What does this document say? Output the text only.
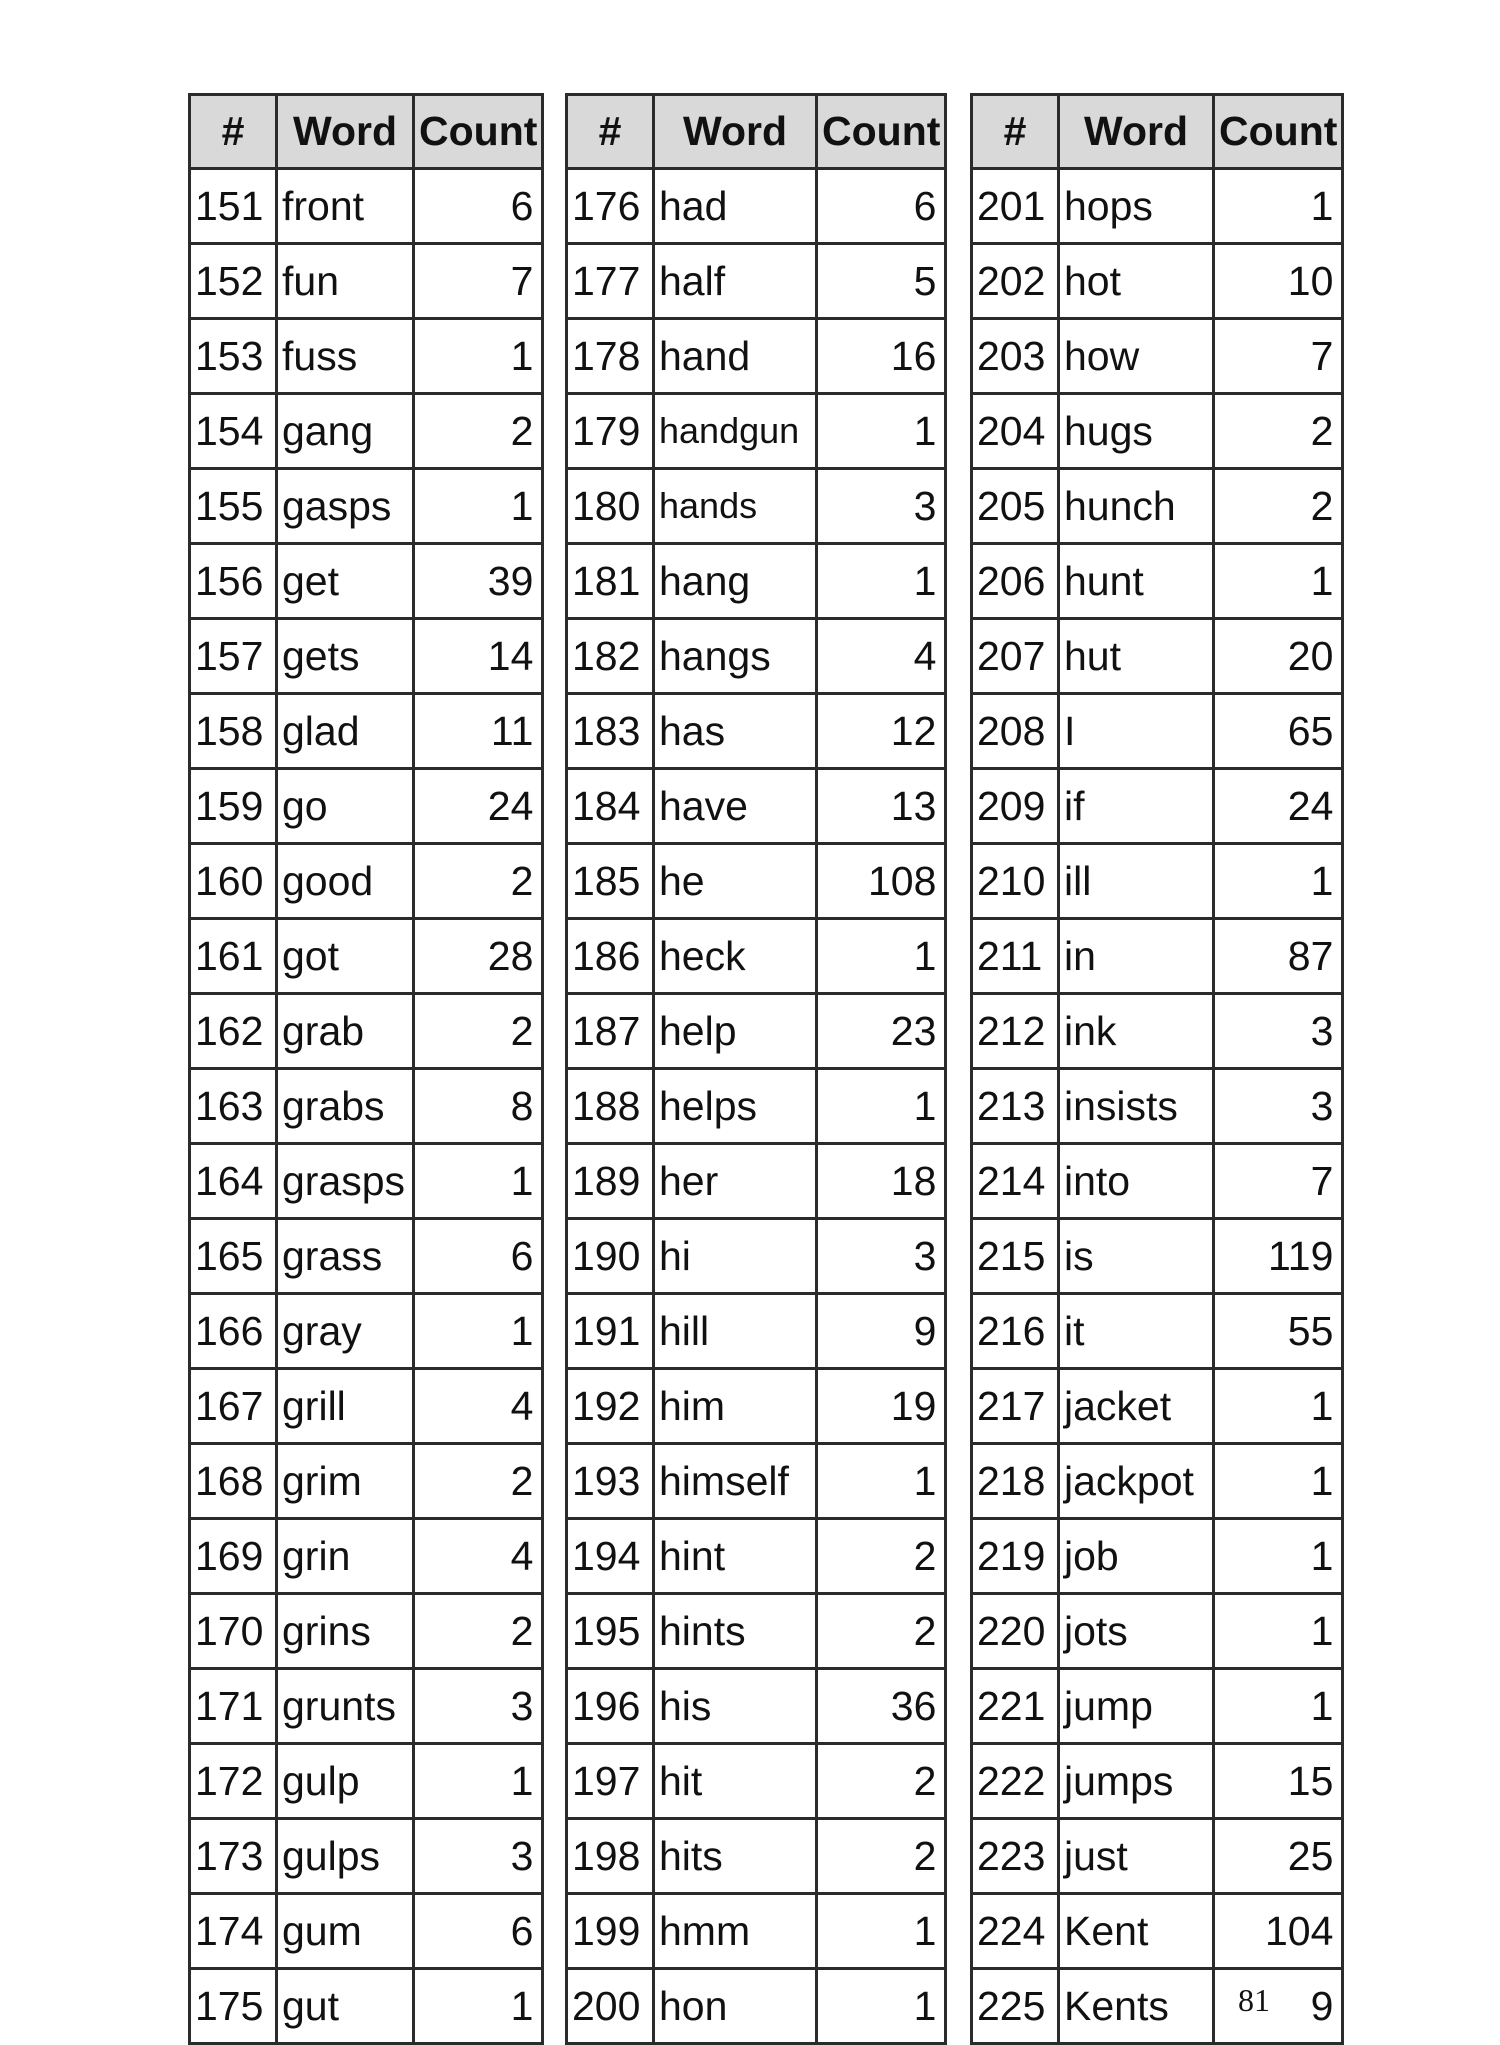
#	Word	Count
151	front	6
152	fun	7
153	fuss	1
154	gang	2
155	gasps	1
156	get	39
157	gets	14
158	glad	11
159	go	24
160	good	2
161	got	28
162	grab	2
163	grabs	8
164	grasps	1
165	grass	6
166	gray	1
167	grill	4
168	grim	2
169	grin	4
170	grins	2
171	grunts	3
172	gulp	1
173	gulps	3
174	gum	6
175	gut	1
#	Word	Count
176	had	6
177	half	5
178	hand	16
179	handgun	1
180	hands	3
181	hang	1
182	hangs	4
183	has	12
184	have	13
185	he	108
186	heck	1
187	help	23
188	helps	1
189	her	18
190	hi	3
191	hill	9
192	him	19
193	himself	1
194	hint	2
195	hints	2
196	his	36
197	hit	2
198	hits	2
199	hmm	1
200	hon	1
#	Word	Count
201	hops	1
202	hot	10
203	how	7
204	hugs	2
205	hunch	2
206	hunt	1
207	hut	20
208	I	65
209	if	24
210	ill	1
211	in	87
212	ink	3
213	insists	3
214	into	7
215	is	119
216	it	55
217	jacket	1
218	jackpot	1
219	job	1
220	jots	1
221	jump	1
222	jumps	15
223	just	25
224	Kent	104
225	Kents	9
81
